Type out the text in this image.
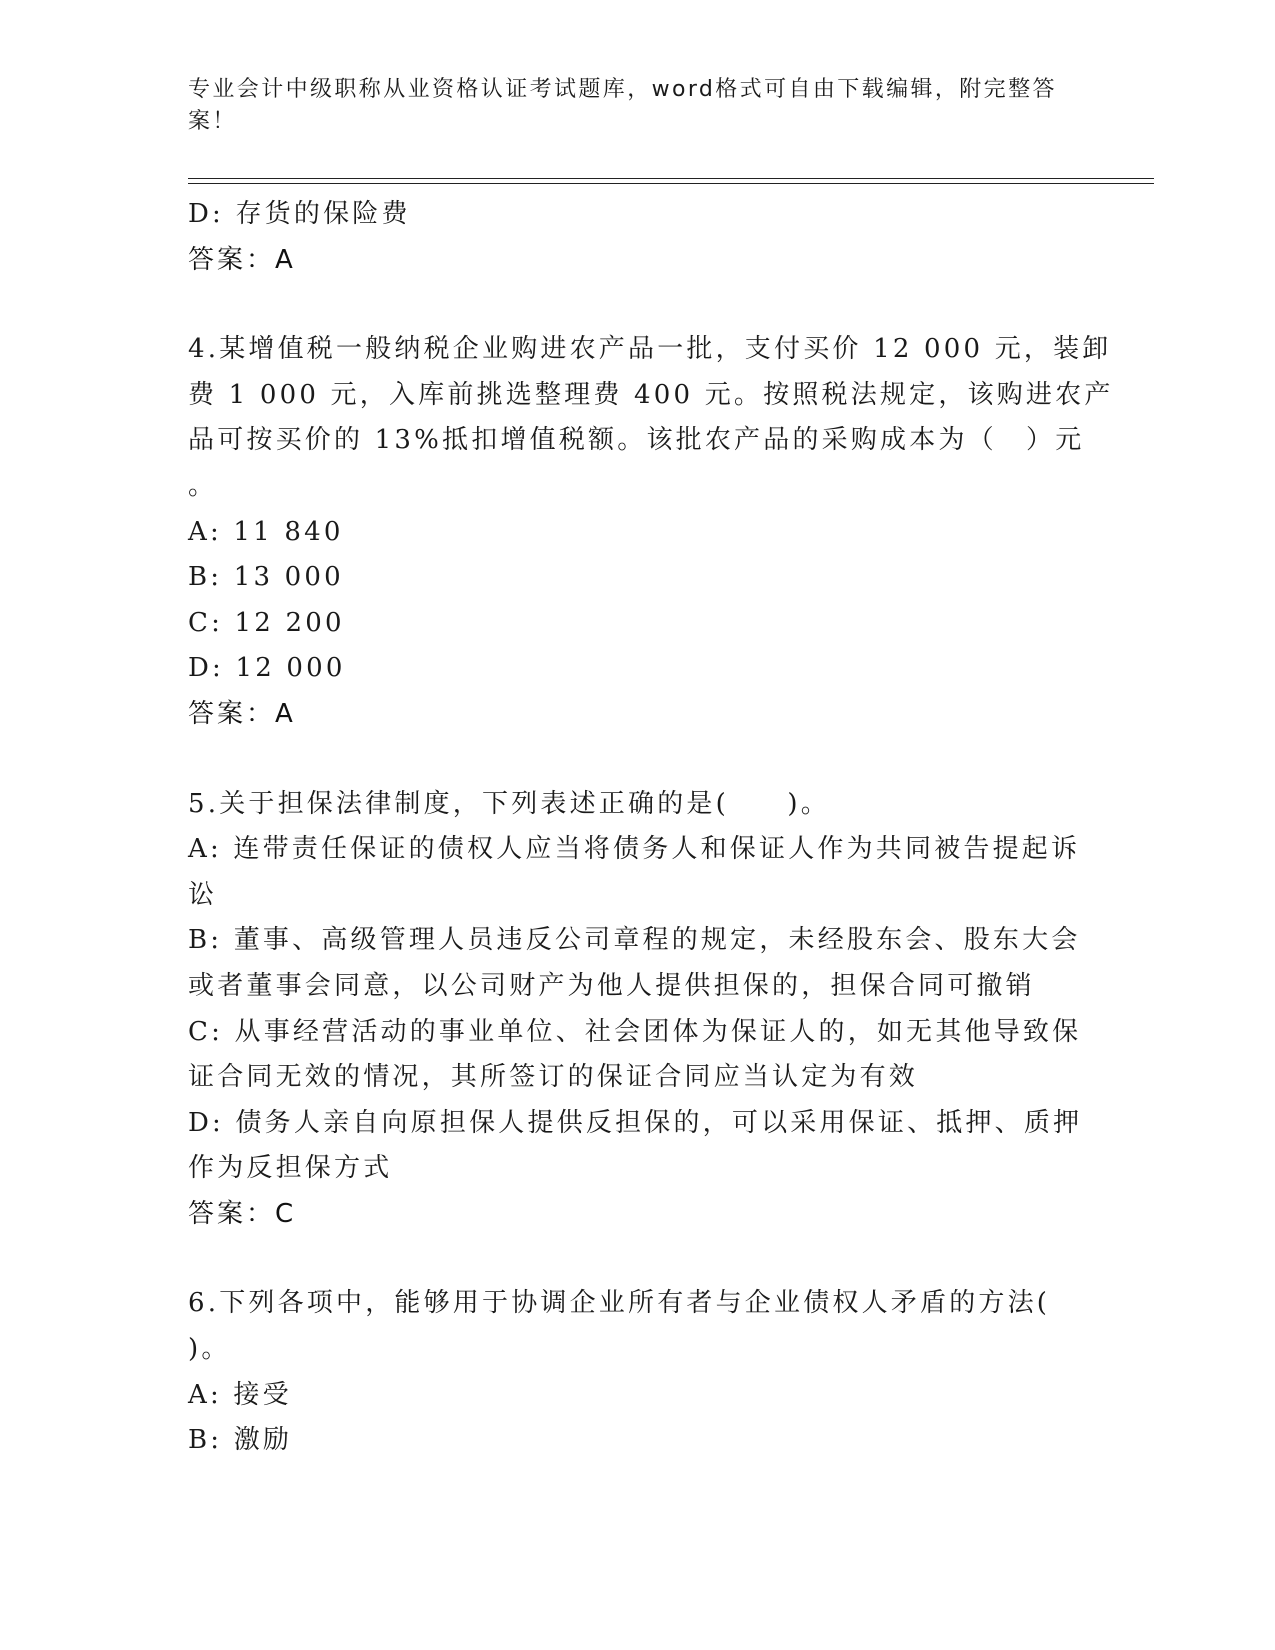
专业会计中级职称从业资格认证考试题库，word格式可自由下载编辑，附完整答
案！
D: 存货的保险费
答案：A
4.某增值税一般纳税企业购进农产品一批，支付买价 12 000 元，装卸
费 1 000 元，入库前挑选整理费 400 元。按照税法规定，该购进农产
品可按买价的 13%抵扣增值税额。该批农产品的采购成本为（　）元
。
A: 11 840
B: 13 000
C: 12 200
D: 12 000
答案：A
5.关于担保法律制度，下列表述正确的是(　　)。
A: 连带责任保证的债权人应当将债务人和保证人作为共同被告提起诉
讼
B: 董事、高级管理人员违反公司章程的规定，未经股东会、股东大会
或者董事会同意，以公司财产为他人提供担保的，担保合同可撤销
C: 从事经营活动的事业单位、社会团体为保证人的，如无其他导致保
证合同无效的情况，其所签订的保证合同应当认定为有效
D: 债务人亲自向原担保人提供反担保的，可以采用保证、抵押、质押
作为反担保方式
答案：C
6.下列各项中，能够用于协调企业所有者与企业债权人矛盾的方法(
)。
A: 接受
B: 激励
